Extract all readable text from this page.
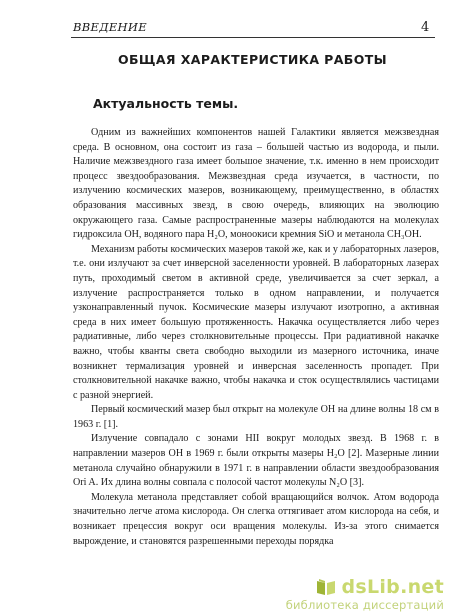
ВВЕДЕНИЕ	4
ОБЩАЯ ХАРАКТЕРИСТИКА РАБОТЫ
Актуальность темы.

Одним из важнейших компонентов нашей Галактики является межзвездная среда. В основном, она состоит из газа – большей частью из водорода, и пыли. Наличие межзвездного газа имеет большое значение, т.к. именно в нем происходит процесс звездообразования. Межзвездная среда изучается, в частности, по излучению космических мазеров, возникающему, преимущественно, в областях образования массивных звезд, в свою очередь, влияющих на эволюцию окружающего газа. Самые распространенные мазеры наблюдаются на молекулах гидроксила OH, водяного пара H₂O, моноокиси кремния SiO и метанола CH₃OH.

Механизм работы космических мазеров такой же, как и у лабораторных лазеров, т.е. они излучают за счет инверсной заселенности уровней. В лабораторных лазерах путь, проходимый светом в активной среде, увеличивается за счет зеркал, а излучение распространяется только в одном направлении, и получается узконаправленный пучок. Космические мазеры излучают изотропно, а активная среда в них имеет большую протяженность. Накачка осуществляется либо через радиативные, либо через столкновительные процессы. При радиативной накачке важно, чтобы кванты света свободно выходили из мазерного источника, иначе возникнет термализация уровней и инверсная заселенность пропадет. При столкновительной накачке важно, чтобы накачка и сток осуществлялись частицами с разной энергией.

Первый космический мазер был открыт на молекуле OH на длине волны 18 см в 1963 г. [1].

Излучение совпадало с зонами HII вокруг молодых звезд. В 1968 г. в направлении мазеров OH в 1969 г. были открыты мазеры H₂O [2]. Мазерные линии метанола случайно обнаружили в 1971 г. в направлении области звездообразования Ori A. Их длина волны совпала с полосой частот молекулы N₂O [3].

Молекула метанола представляет собой вращающийся волчок. Атом водорода значительно легче атома кислорода. Он слегка оттягивает атом кислорода на себя, и возникает прецессия вокруг оси вращения молекулы. Из-за этого снимается вырождение, и становятся разрешенными переходы порядка

dsLib.net
библиотека диссертаций
